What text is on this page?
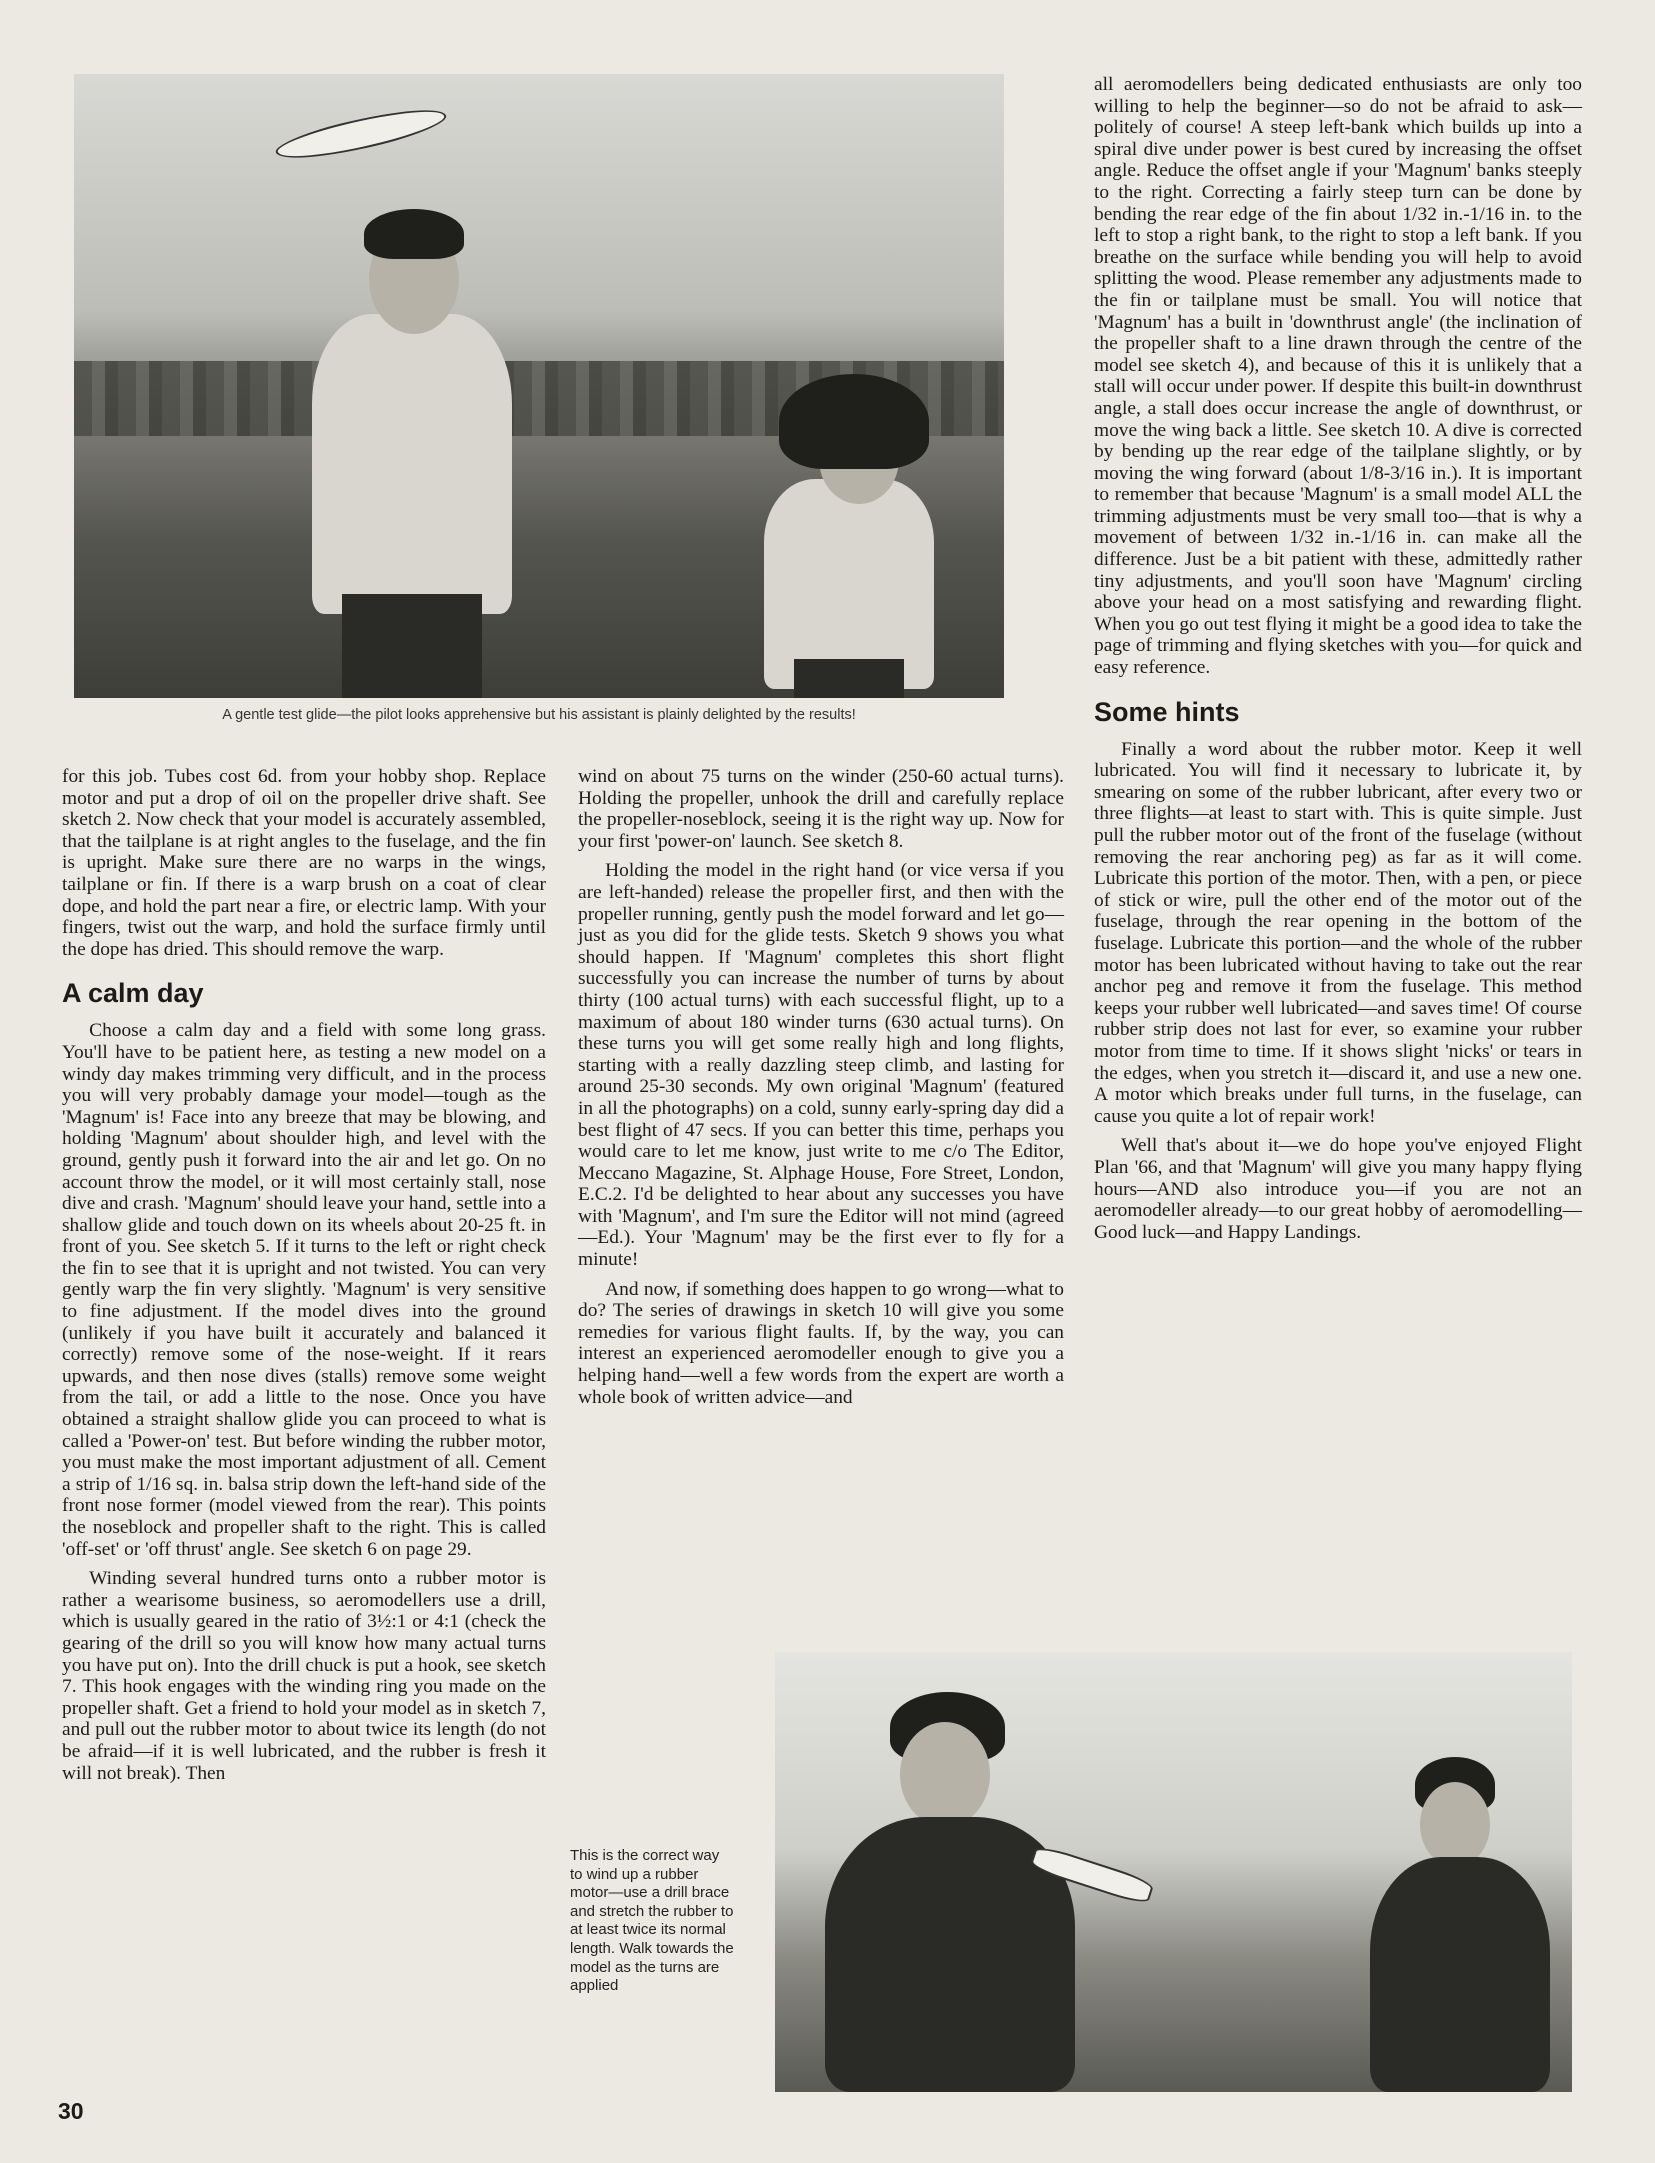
A gentle test glide—the pilot looks apprehensive but his assistant is plainly delighted by the results!

for this job. Tubes cost 6d. from your hobby shop. Replace motor and put a drop of oil on the propeller drive shaft. See sketch 2. Now check that your model is accurately assembled, that the tailplane is at right angles to the fuselage, and the fin is upright. Make sure there are no warps in the wings, tailplane or fin. If there is a warp brush on a coat of clear dope, and hold the part near a fire, or electric lamp. With your fingers, twist out the warp, and hold the surface firmly until the dope has dried. This should remove the warp.

A calm day

Choose a calm day and a field with some long grass. You'll have to be patient here, as testing a new model on a windy day makes trimming very difficult, and in the process you will very probably damage your model—tough as the 'Magnum' is! Face into any breeze that may be blowing, and holding 'Magnum' about shoulder high, and level with the ground, gently push it forward into the air and let go. On no account throw the model, or it will most certainly stall, nose dive and crash. 'Magnum' should leave your hand, settle into a shallow glide and touch down on its wheels about 20-25 ft. in front of you. See sketch 5. If it turns to the left or right check the fin to see that it is upright and not twisted. You can very gently warp the fin very slightly. 'Magnum' is very sensitive to fine adjustment. If the model dives into the ground (unlikely if you have built it accurately and balanced it correctly) remove some of the nose-weight. If it rears upwards, and then nose dives (stalls) remove some weight from the tail, or add a little to the nose. Once you have obtained a straight shallow glide you can proceed to what is called a 'Power-on' test. But before winding the rubber motor, you must make the most important adjustment of all. Cement a strip of 1/16 sq. in. balsa strip down the left-hand side of the front nose former (model viewed from the rear). This points the noseblock and propeller shaft to the right. This is called 'off-set' or 'off thrust' angle. See sketch 6 on page 29.

Winding several hundred turns onto a rubber motor is rather a wearisome business, so aeromodellers use a drill, which is usually geared in the ratio of 3½:1 or 4:1 (check the gearing of the drill so you will know how many actual turns you have put on). Into the drill chuck is put a hook, see sketch 7. This hook engages with the winding ring you made on the propeller shaft. Get a friend to hold your model as in sketch 7, and pull out the rubber motor to about twice its length (do not be afraid—if it is well lubricated, and the rubber is fresh it will not break). Then

wind on about 75 turns on the winder (250-60 actual turns). Holding the propeller, unhook the drill and carefully replace the propeller-noseblock, seeing it is the right way up. Now for your first 'power-on' launch. See sketch 8.

Holding the model in the right hand (or vice versa if you are left-handed) release the propeller first, and then with the propeller running, gently push the model forward and let go—just as you did for the glide tests. Sketch 9 shows you what should happen. If 'Magnum' completes this short flight successfully you can increase the number of turns by about thirty (100 actual turns) with each successful flight, up to a maximum of about 180 winder turns (630 actual turns). On these turns you will get some really high and long flights, starting with a really dazzling steep climb, and lasting for around 25-30 seconds. My own original 'Magnum' (featured in all the photographs) on a cold, sunny early-spring day did a best flight of 47 secs. If you can better this time, perhaps you would care to let me know, just write to me c/o The Editor, Meccano Magazine, St. Alphage House, Fore Street, London, E.C.2. I'd be delighted to hear about any successes you have with 'Magnum', and I'm sure the Editor will not mind (agreed—Ed.). Your 'Magnum' may be the first ever to fly for a minute!

And now, if something does happen to go wrong—what to do? The series of drawings in sketch 10 will give you some remedies for various flight faults. If, by the way, you can interest an experienced aeromodeller enough to give you a helping hand—well a few words from the expert are worth a whole book of written advice—and

all aeromodellers being dedicated enthusiasts are only too willing to help the beginner—so do not be afraid to ask—politely of course! A steep left-bank which builds up into a spiral dive under power is best cured by increasing the offset angle. Reduce the offset angle if your 'Magnum' banks steeply to the right. Correcting a fairly steep turn can be done by bending the rear edge of the fin about 1/32 in.-1/16 in. to the left to stop a right bank, to the right to stop a left bank. If you breathe on the surface while bending you will help to avoid splitting the wood. Please remember any adjustments made to the fin or tailplane must be small. You will notice that 'Magnum' has a built in 'downthrust angle' (the inclination of the propeller shaft to a line drawn through the centre of the model see sketch 4), and because of this it is unlikely that a stall will occur under power. If despite this built-in downthrust angle, a stall does occur increase the angle of downthrust, or move the wing back a little. See sketch 10. A dive is corrected by bending up the rear edge of the tailplane slightly, or by moving the wing forward (about 1/8-3/16 in.). It is important to remember that because 'Magnum' is a small model ALL the trimming adjustments must be very small too—that is why a movement of between 1/32 in.-1/16 in. can make all the difference. Just be a bit patient with these, admittedly rather tiny adjustments, and you'll soon have 'Magnum' circling above your head on a most satisfying and rewarding flight. When you go out test flying it might be a good idea to take the page of trimming and flying sketches with you—for quick and easy reference.

Some hints

Finally a word about the rubber motor. Keep it well lubricated. You will find it necessary to lubricate it, by smearing on some of the rubber lubricant, after every two or three flights—at least to start with. This is quite simple. Just pull the rubber motor out of the front of the fuselage (without removing the rear anchoring peg) as far as it will come. Lubricate this portion of the motor. Then, with a pen, or piece of stick or wire, pull the other end of the motor out of the fuselage, through the rear opening in the bottom of the fuselage. Lubricate this portion—and the whole of the rubber motor has been lubricated without having to take out the rear anchor peg and remove it from the fuselage. This method keeps your rubber well lubricated—and saves time! Of course rubber strip does not last for ever, so examine your rubber motor from time to time. If it shows slight 'nicks' or tears in the edges, when you stretch it—discard it, and use a new one. A motor which breaks under full turns, in the fuselage, can cause you quite a lot of repair work!

Well that's about it—we do hope you've enjoyed Flight Plan '66, and that 'Magnum' will give you many happy flying hours—AND also introduce you—if you are not an aeromodeller already—to our great hobby of aeromodelling—Good luck—and Happy Landings.

This is the correct way to wind up a rubber motor—use a drill brace and stretch the rubber to at least twice its normal length. Walk towards the model as the turns are applied
30
